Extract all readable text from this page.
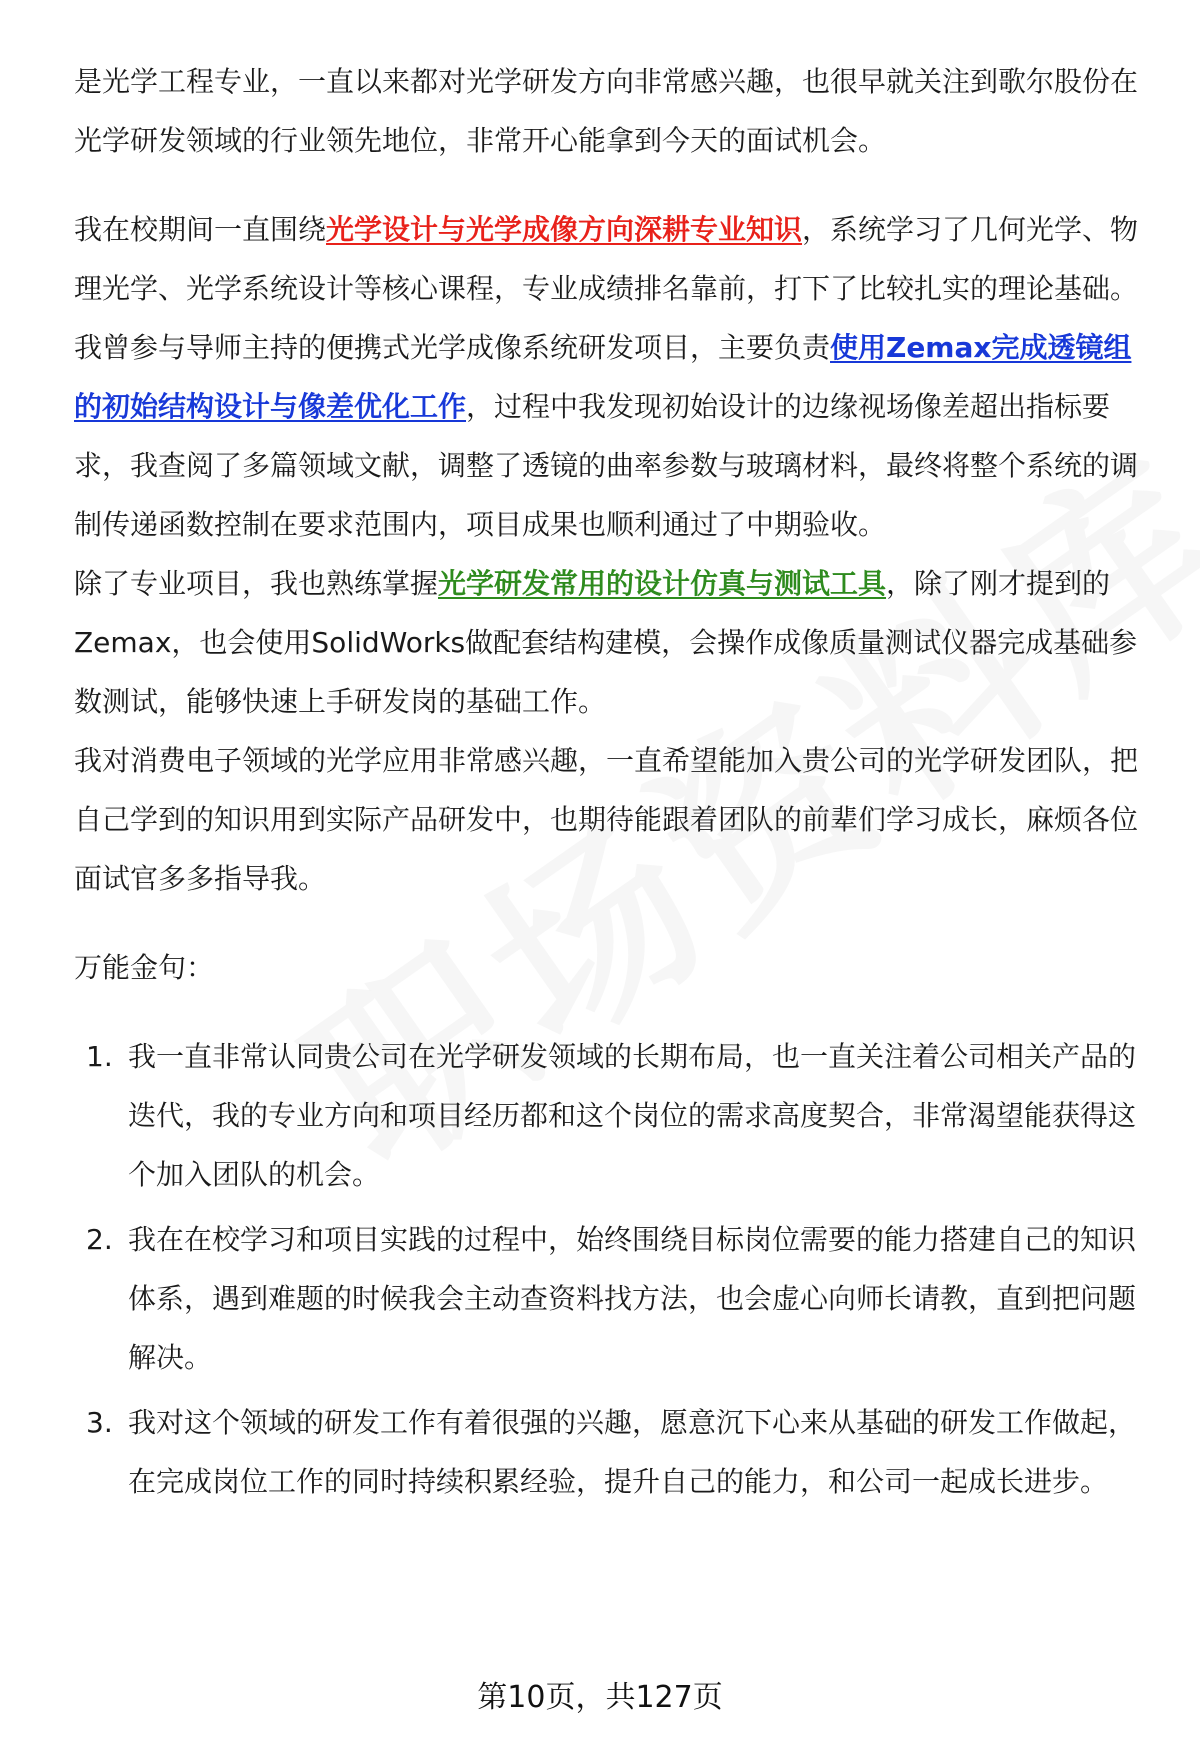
是光学工程专业，一直以来都对光学研发方向非常感兴趣，也很早就关注到歌尔股份在光学研发领域的行业领先地位，非常开心能拿到今天的面试机会。

我在校期间一直围绕光学设计与光学成像方向深耕专业知识，系统学习了几何光学、物理光学、光学系统设计等核心课程，专业成绩排名靠前，打下了比较扎实的理论基础。

我曾参与导师主持的便携式光学成像系统研发项目，主要负责使用Zemax完成透镜组的初始结构设计与像差优化工作，过程中我发现初始设计的边缘视场像差超出指标要求，我查阅了多篇领域文献，调整了透镜的曲率参数与玻璃材料，最终将整个系统的调制传递函数控制在要求范围内，项目成果也顺利通过了中期验收。

除了专业项目，我也熟练掌握光学研发常用的设计仿真与测试工具，除了刚才提到的Zemax，也会使用SolidWorks做配套结构建模，会操作成像质量测试仪器完成基础参数测试，能够快速上手研发岗的基础工作。

我对消费电子领域的光学应用非常感兴趣，一直希望能加入贵公司的光学研发团队，把自己学到的知识用到实际产品研发中，也期待能跟着团队的前辈们学习成长，麻烦各位面试官多多指导我。

万能金句：

1. 我一直非常认同贵公司在光学研发领域的长期布局，也一直关注着公司相关产品的迭代，我的专业方向和项目经历都和这个岗位的需求高度契合，非常渴望能获得这个加入团队的机会。
2. 我在在校学习和项目实践的过程中，始终围绕目标岗位需要的能力搭建自己的知识体系，遇到难题的时候我会主动查资料找方法，也会虚心向师长请教，直到把问题解决。
3. 我对这个领域的研发工作有着很强的兴趣，愿意沉下心来从基础的研发工作做起，在完成岗位工作的同时持续积累经验，提升自己的能力，和公司一起成长进步。
第10页，共127页
